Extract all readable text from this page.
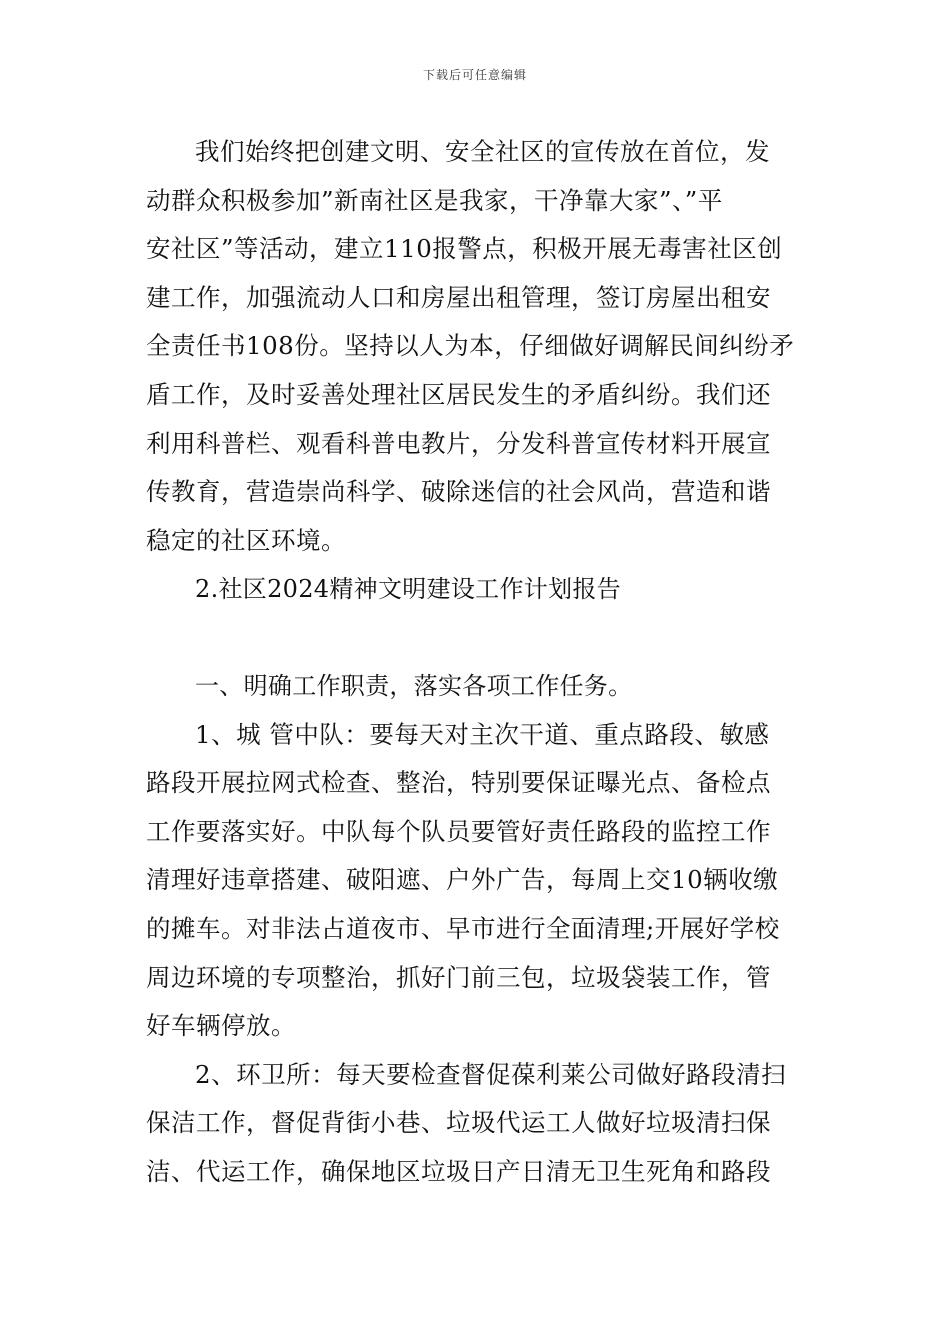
下载后可任意编辑

我们始终把创建文明、安全社区的宣传放在首位，发
动群众积极参加”新南社区是我家，干净靠大家”、”平
安社区”等活动，建立110报警点，积极开展无毒害社区创
建工作，加强流动人口和房屋出租管理，签订房屋出租安
全责任书108份。坚持以人为本，仔细做好调解民间纠纷矛
盾工作，及时妥善处理社区居民发生的矛盾纠纷。我们还
利用科普栏、观看科普电教片，分发科普宣传材料开展宣
传教育，营造崇尚科学、破除迷信的社会风尚，营造和谐
稳定的社区环境。

2.社区2024精神文明建设工作计划报告

一、明确工作职责，落实各项工作任务。

1、城 管中队：要每天对主次干道、重点路段、敏感
路段开展拉网式检查、整治，特别要保证曝光点、备检点
工作要落实好。中队每个队员要管好责任路段的监控工作
清理好违章搭建、破阳遮、户外广告，每周上交10辆收缴
的摊车。对非法占道夜市、早市进行全面清理;开展好学校
周边环境的专项整治，抓好门前三包，垃圾袋装工作，管
好车辆停放。

2、环卫所：每天要检查督促葆利莱公司做好路段清扫
保洁工作，督促背街小巷、垃圾代运工人做好垃圾清扫保
洁、代运工作，确保地区垃圾日产日清无卫生死角和路段
